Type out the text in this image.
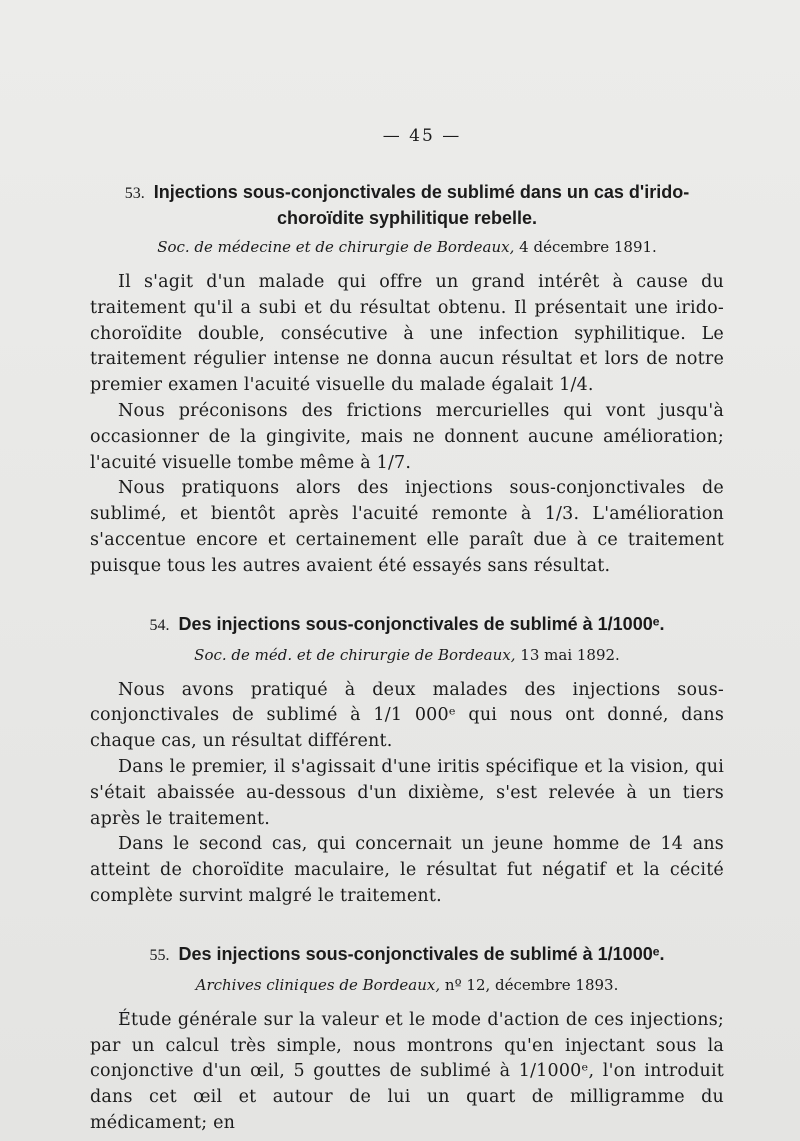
— 45 —
53. Injections sous-conjonctivales de sublimé dans un cas d'irido-choroïdite syphilitique rebelle.
Soc. de médecine et de chirurgie de Bordeaux, 4 décembre 1891.

Il s'agit d'un malade qui offre un grand intérêt à cause du traitement qu'il a subi et du résultat obtenu. Il présentait une irido-choroïdite double, consécutive à une infection syphilitique. Le traitement régulier intense ne donna aucun résultat et lors de notre premier examen l'acuité visuelle du malade égalait 1/4.

Nous préconisons des frictions mercurielles qui vont jusqu'à occasionner de la gingivite, mais ne donnent aucune amélioration; l'acuité visuelle tombe même à 1/7.

Nous pratiquons alors des injections sous-conjonctivales de sublimé, et bientôt après l'acuité remonte à 1/3. L'amélioration s'accentue encore et certainement elle paraît due à ce traitement puisque tous les autres avaient été essayés sans résultat.

54. Des injections sous-conjonctivales de sublimé à 1/1000ᵉ.
Soc. de méd. et de chirurgie de Bordeaux, 13 mai 1892.

Nous avons pratiqué à deux malades des injections sous-conjonctivales de sublimé à 1/1 000ᵉ qui nous ont donné, dans chaque cas, un résultat différent.

Dans le premier, il s'agissait d'une iritis spécifique et la vision, qui s'était abaissée au-dessous d'un dixième, s'est relevée à un tiers après le traitement.

Dans le second cas, qui concernait un jeune homme de 14 ans atteint de choroïdite maculaire, le résultat fut négatif et la cécité complète survint malgré le traitement.

55. Des injections sous-conjonctivales de sublimé à 1/1000ᵉ.
Archives cliniques de Bordeaux, nº 12, décembre 1893.

Étude générale sur la valeur et le mode d'action de ces injections; par un calcul très simple, nous montrons qu'en injectant sous la conjonctive d'un œil, 5 gouttes de sublimé à 1/1000ᵉ, l'on introduit dans cet œil et autour de lui un quart de milligramme du médicament; en
